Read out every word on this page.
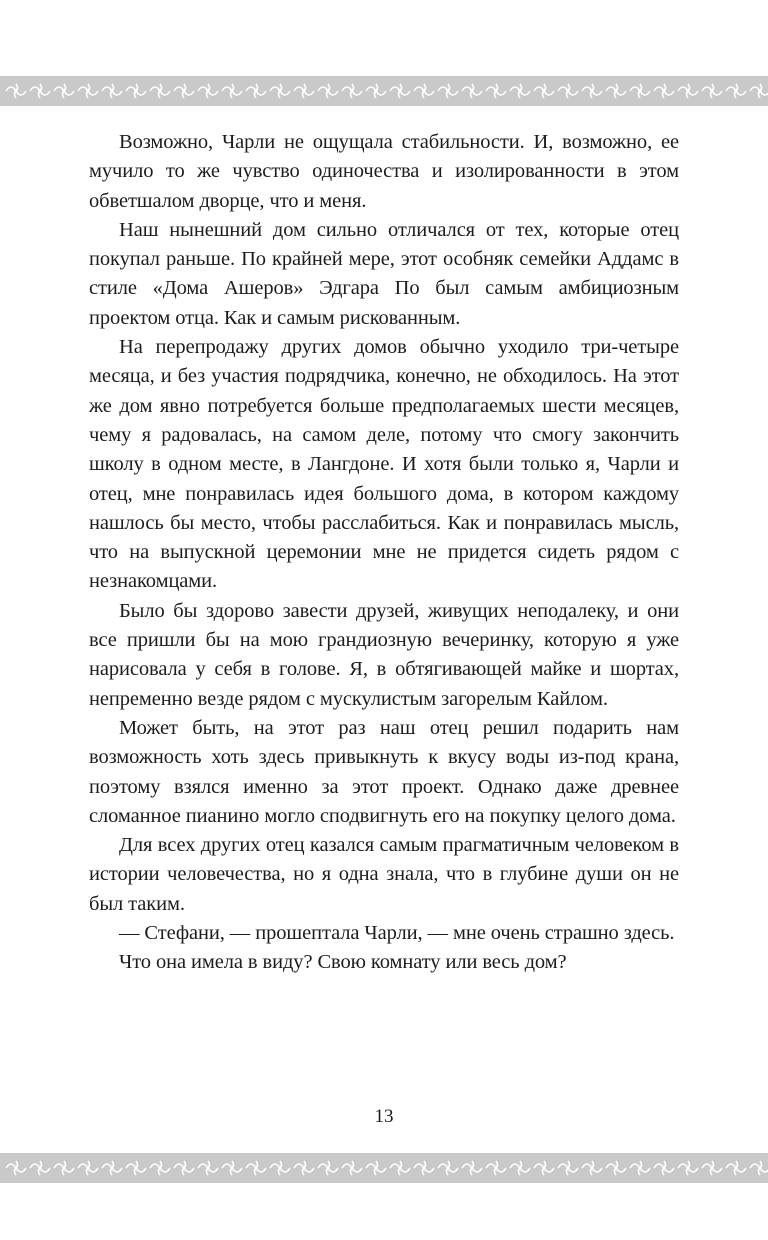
Возможно, Чарли не ощущала стабильности. И, возможно, ее мучило то же чувство одиночества и изолированности в этом обветшалом дворце, что и меня.

Наш нынешний дом сильно отличался от тех, которые отец покупал раньше. По крайней мере, этот особняк семейки Аддамс в стиле «Дома Ашеров» Эдгара По был самым амбициозным проектом отца. Как и самым рискованным.

На перепродажу других домов обычно уходило три-четыре месяца, и без участия подрядчика, конечно, не обходилось. На этот же дом явно потребуется больше предполагаемых шести месяцев, чему я радовалась, на самом деле, потому что смогу закончить школу в одном месте, в Лангдоне. И хотя были только я, Чарли и отец, мне понравилась идея большого дома, в котором каждому нашлось бы место, чтобы расслабиться. Как и понравилась мысль, что на выпускной церемонии мне не придется сидеть рядом с незнакомцами.

Было бы здорово завести друзей, живущих неподалеку, и они все пришли бы на мою грандиозную вечеринку, которую я уже нарисовала у себя в голове. Я, в обтягивающей майке и шортах, непременно везде рядом с мускулистым загорелым Кайлом.

Может быть, на этот раз наш отец решил подарить нам возможность хоть здесь привыкнуть к вкусу воды из-под крана, поэтому взялся именно за этот проект. Однако даже древнее сломанное пианино могло сподвигнуть его на покупку целого дома.

Для всех других отец казался самым прагматичным человеком в истории человечества, но я одна знала, что в глубине души он не был таким.

— Стефани, — прошептала Чарли, — мне очень страшно здесь.

Что она имела в виду? Свою комнату или весь дом?

13
